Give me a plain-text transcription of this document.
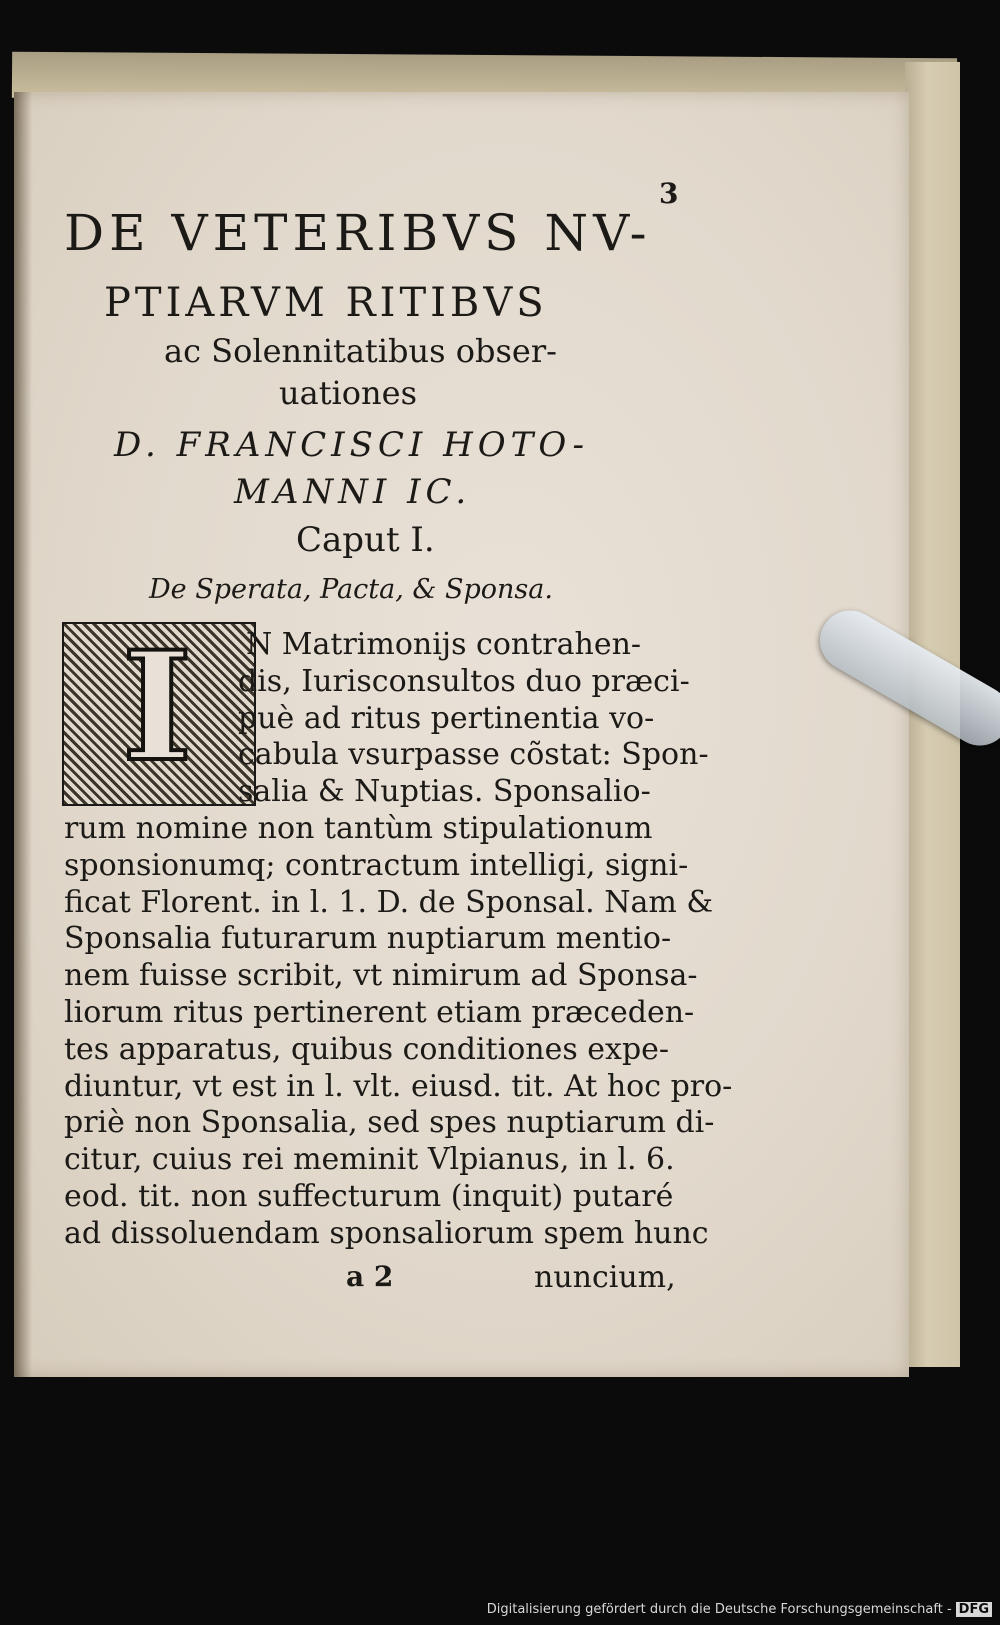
3
DE VETERIBVS NV-
PTIARVM RITIBVS
ac Solennitatibus obser-
uationes
D. FRANCISCI HOTO-
MANNI IC.
Caput I.
De Sperata, Pacta, & Sponsa.
I N Matrimonijs contrahen-
dis, Iurisconsultos duo præci-
puè ad ritus pertinentia vo-
cabula vsurpasse cõstat: Spon-
salia & Nuptias. Sponsalio-
rum nomine non tantùm stipulationum
sponsionumq; contractum intelligi, signi-
ficat Florent. in l. 1. D. de Sponsal. Nam &
Sponsalia futurarum nuptiarum mentio-
nem fuisse scribit, vt nimirum ad Sponsa-
liorum ritus pertinerent etiam præceden-
tes apparatus, quibus conditiones expe-
diuntur, vt est in l. vlt. eiusd. tit. At hoc pro-
priè non Sponsalia, sed spes nuptiarum di-
citur, cuius rei meminit Vlpianus, in l. 6.
eod. tit. non suffecturum (inquit) putaré
ad dissoluendam sponsaliorum spem hunc
a 2	nuncium,
Digitalisierung gefördert durch die Deutsche Forschungsgemeinschaft - DFG
